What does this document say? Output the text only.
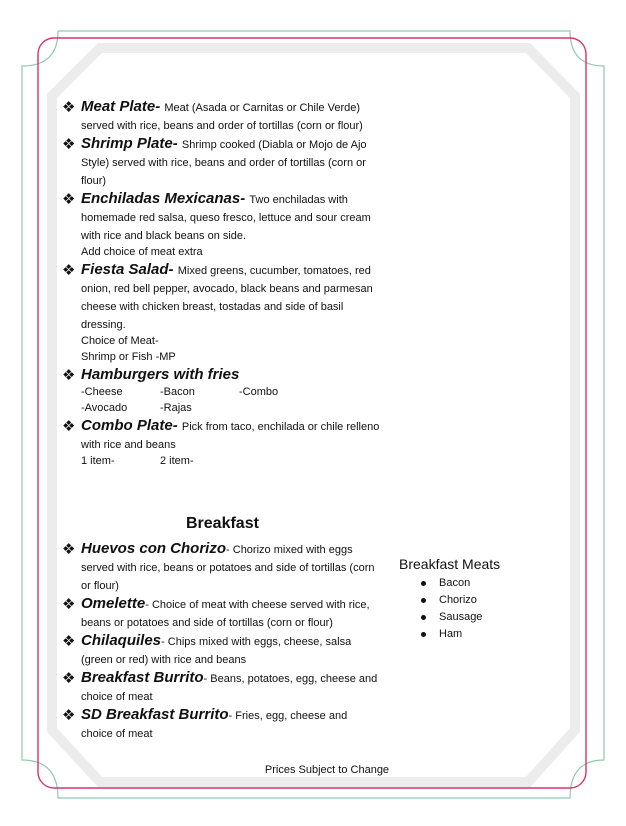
❖ Meat Plate- Meat (Asada or Carnitas or Chile Verde) served with rice, beans and order of tortillas (corn or flour)
❖ Shrimp Plate- Shrimp cooked (Diabla or Mojo de Ajo Style) served with rice, beans and order of tortillas (corn or flour)
❖ Enchiladas Mexicanas- Two enchiladas with homemade red salsa, queso fresco, lettuce and sour cream with rice and black beans on side.
Add choice of meat extra
❖ Fiesta Salad- Mixed greens, cucumber, tomatoes, red onion, red bell pepper, avocado, black beans and parmesan cheese with chicken breast, tostadas and side of basil dressing.
Choice of Meat-
Shrimp or Fish -MP
❖ Hamburgers with fries
-Cheese	-Bacon	-Combo
-Avocado	-Rajas
❖ Combo Plate- Pick from taco, enchilada or chile relleno with rice and beans
1 item-	2 item-
Breakfast
❖ Huevos con Chorizo- Chorizo mixed with eggs served with rice, beans or potatoes and side of tortillas (corn or flour)
❖ Omelette- Choice of meat with cheese served with rice, beans or potatoes and side of tortillas (corn or flour)
❖ Chilaquiles- Chips mixed with eggs, cheese, salsa (green or red) with rice and beans
❖ Breakfast Burrito- Beans, potatoes, egg, cheese and choice of meat
❖ SD Breakfast Burrito- Fries, egg, cheese and choice of meat
Breakfast Meats
Bacon
Chorizo
Sausage
Ham
Prices Subject to Change
